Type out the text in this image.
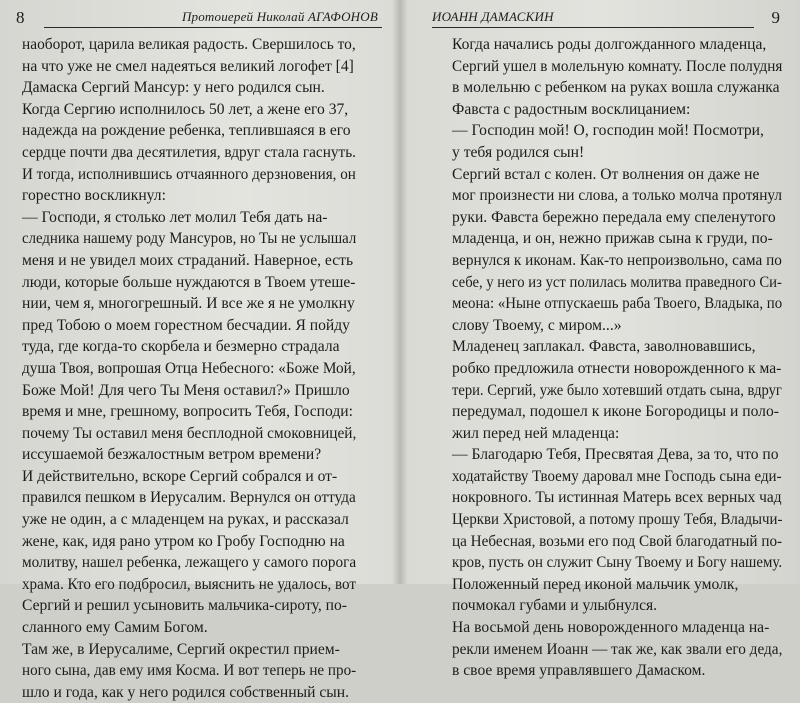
8	Протоиерей Николай АГАФОНОВ
наоборот, царила великая радость. Свершилось то,
на что уже не смел надеяться великий логофет [4]
Дамаска Сергий Мансур: у него родился сын.
Когда Сергию исполнилось 50 лет, а жене его 37,
надежда на рождение ребенка, теплившаяся в его
сердце почти два десятилетия, вдруг стала гаснуть.
И тогда, исполнившись отчаянного дерзновения, он
горестно воскликнул:
— Господи, я столько лет молил Тебя дать на-
следника нашему роду Мансуров, но Ты не услышал
меня и не увидел моих страданий. Наверное, есть
люди, которые больше нуждаются в Твоем утеше-
нии, чем я, многогрешный. И все же я не умолкну
пред Тобою о моем горестном бесчадии. Я пойду
туда, где когда-то скорбела и безмерно страдала
душа Твоя, вопрошая Отца Небесного: «Боже Мой,
Боже Мой! Для чего Ты Меня оставил?» Пришло
время и мне, грешному, вопросить Тебя, Господи:
почему Ты оставил меня бесплодной смоковницей,
иссушаемой безжалостным ветром времени?
И действительно, вскоре Сергий собрался и от-
правился пешком в Иерусалим. Вернулся он оттуда
уже не один, а с младенцем на руках, и рассказал
жене, как, идя рано утром ко Гробу Господню на
молитву, нашел ребенка, лежащего у самого порога
храма. Кто его подбросил, выяснить не удалось, вот
Сергий и решил усыновить мальчика-сироту, по-
сланного ему Самим Богом.
Там же, в Иерусалиме, Сергий окрестил прием-
ного сына, дав ему имя Косма. И вот теперь не про-
шло и года, как у него родился собственный сын.
ИОАНН ДАМАСКИН	9
Когда начались роды долгожданного младенца,
Сергий ушел в молельную комнату. После полудня
в молельню с ребенком на руках вошла служанка
Фавста с радостным восклицанием:
— Господин мой! О, господин мой! Посмотри,
у тебя родился сын!
Сергий встал с колен. От волнения он даже не
мог произнести ни слова, а только молча протянул
руки. Фавста бережно передала ему спеленутого
младенца, и он, нежно прижав сына к груди, по-
вернулся к иконам. Как-то непроизвольно, сама по
себе, у него из уст полилась молитва праведного Си-
меона: «Ныне отпускаешь раба Твоего, Владыка, по
слову Твоему, с миром...»
Младенец заплакал. Фавста, заволновавшись,
робко предложила отнести новорожденного к ма-
тери. Сергий, уже было хотевший отдать сына, вдруг
передумал, подошел к иконе Богородицы и поло-
жил перед ней младенца:
— Благодарю Тебя, Пресвятая Дева, за то, что по
ходатайству Твоему даровал мне Господь сына еди-
нокровного. Ты истинная Матерь всех верных чад
Церкви Христовой, а потому прошу Тебя, Владычи-
ца Небесная, возьми его под Свой благодатный по-
кров, пусть он служит Сыну Твоему и Богу нашему.
Положенный перед иконой мальчик умолк,
почмокал губами и улыбнулся.
На восьмой день новорожденного младенца на-
рекли именем Иоанн — так же, как звали его деда,
в свое время управлявшего Дамаском.
